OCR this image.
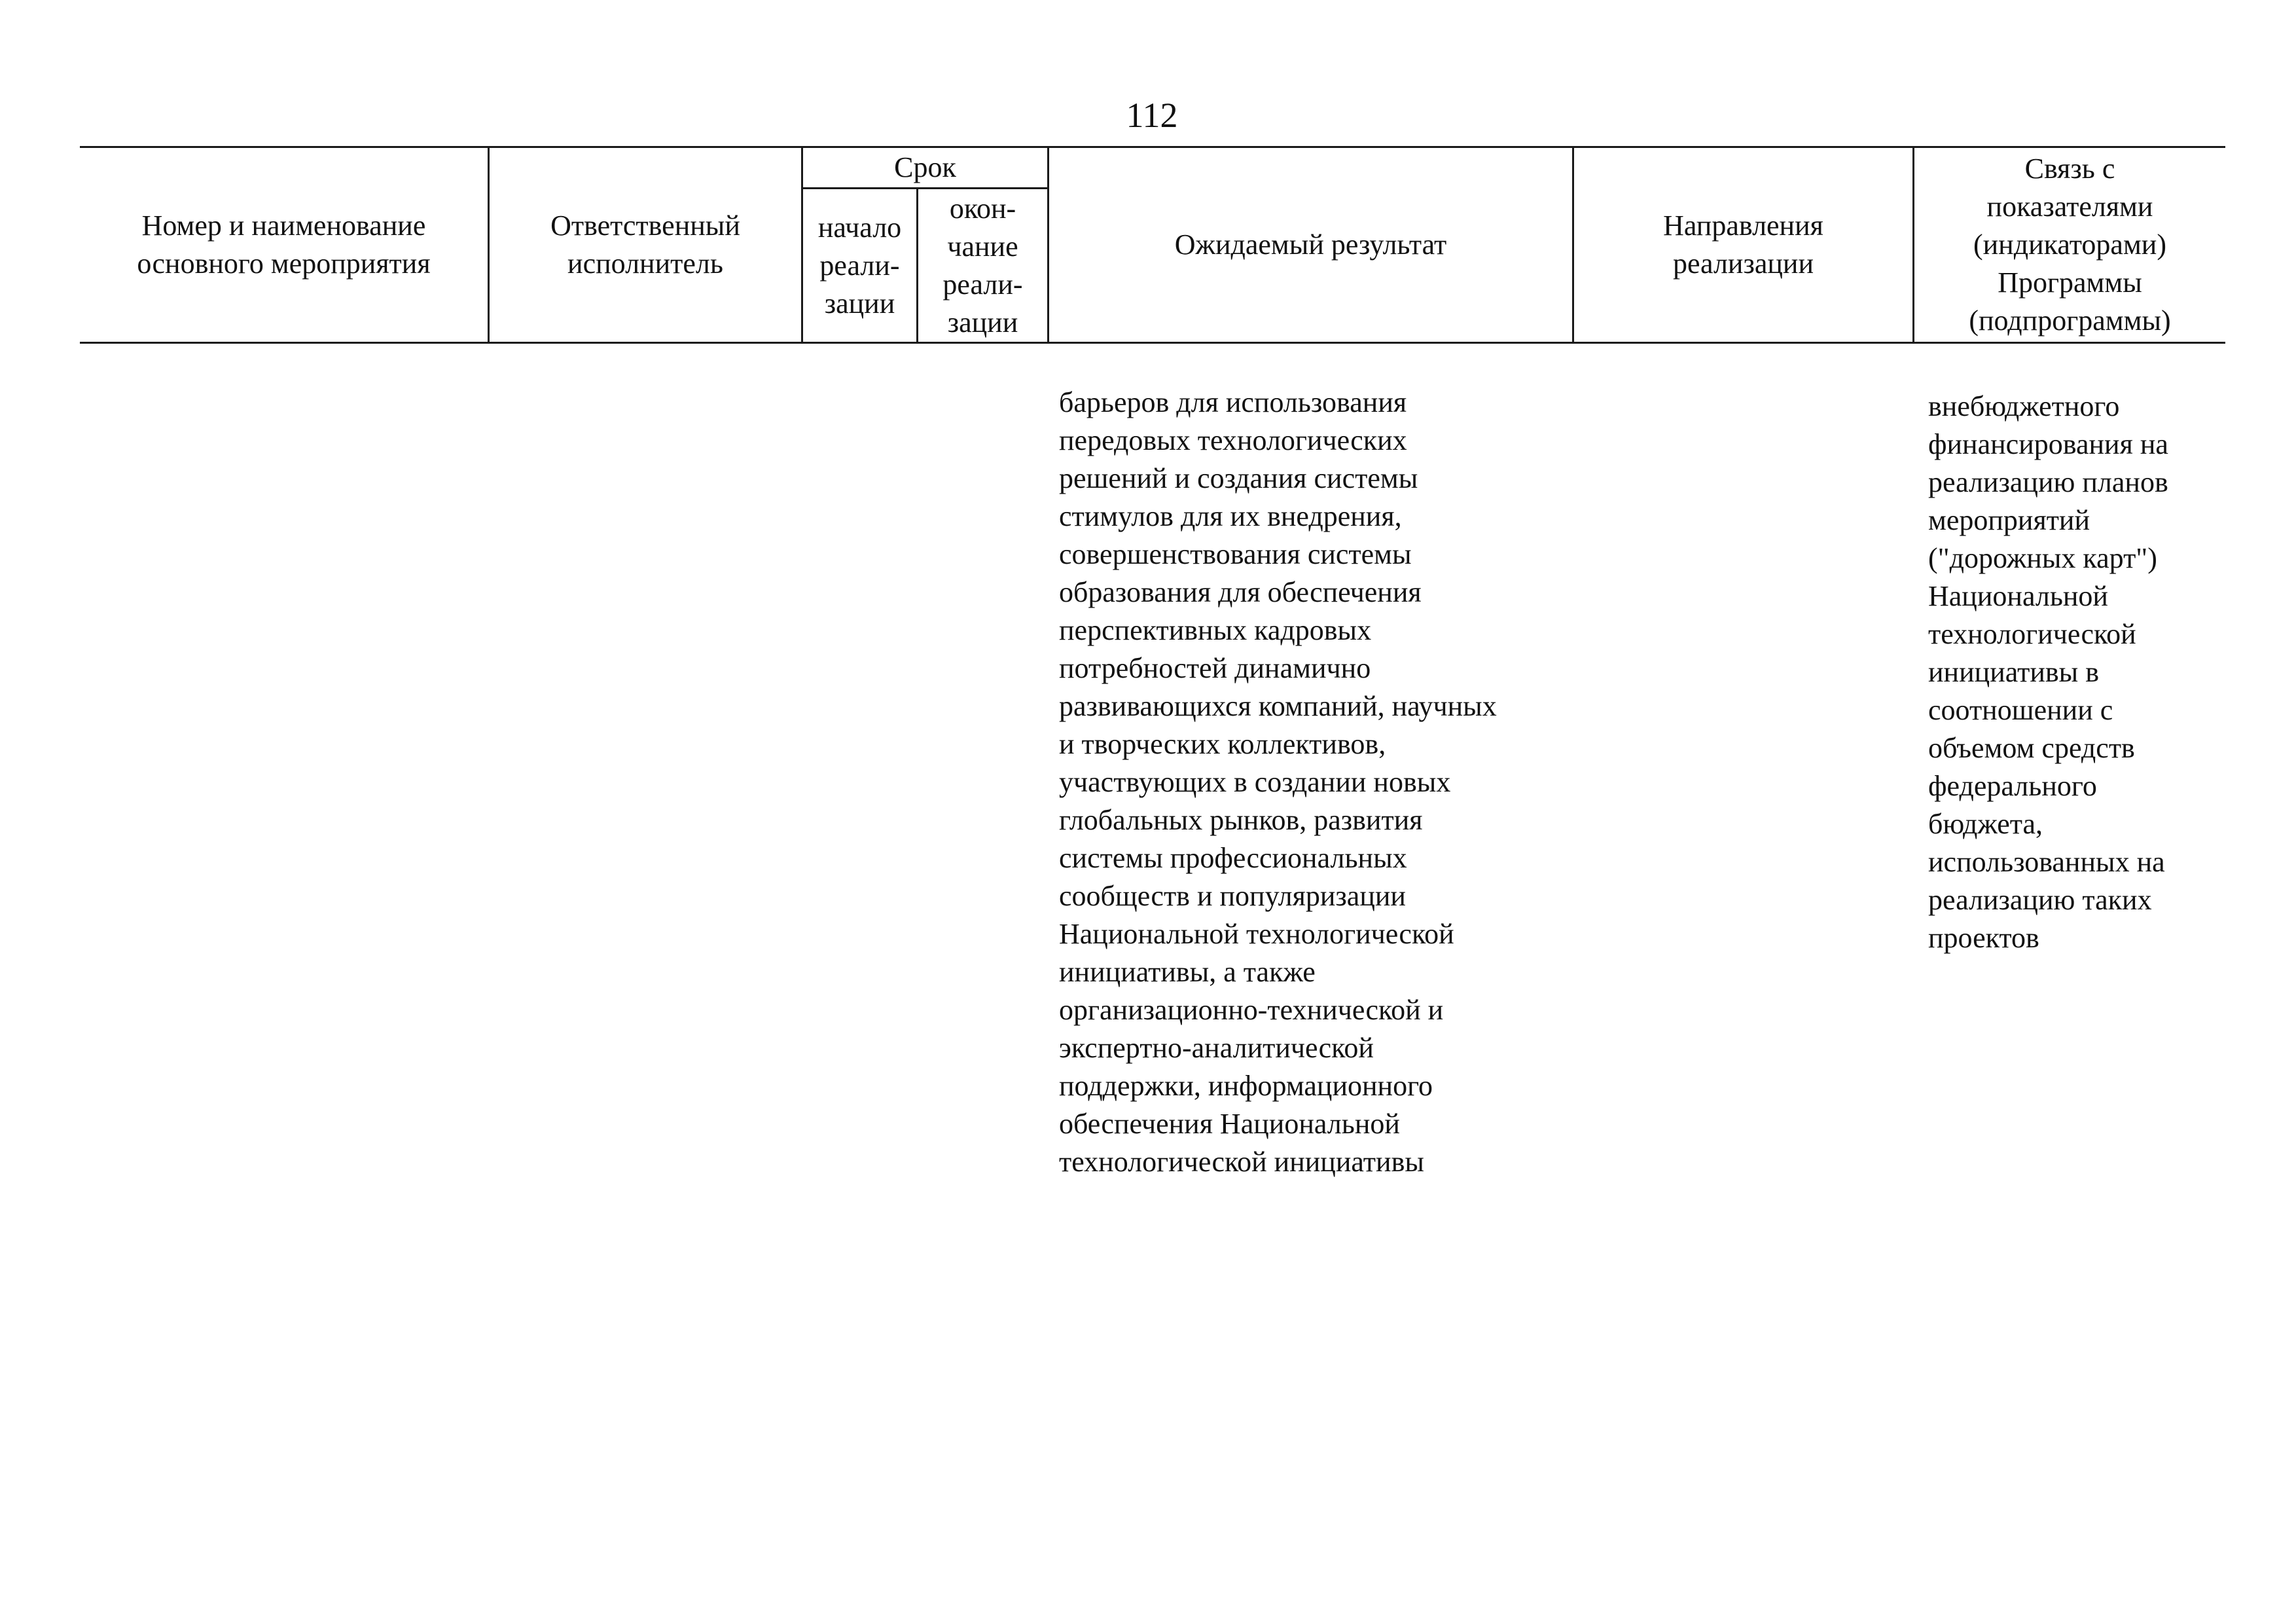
112
Номер и наименование
основного мероприятия
Ответственный
исполнитель
Срок
начало
реали-
зации
окон-
чание
реали-
зации
Ожидаемый результат
Направления
реализации
Связь с
показателями
(индикаторами)
Программы
(подпрограммы)
барьеров для использования
передовых технологических
решений и создания системы
стимулов для их внедрения,
совершенствования системы
образования для обеспечения
перспективных кадровых
потребностей динамично
развивающихся компаний, научных
и творческих коллективов,
участвующих в создании новых
глобальных рынков, развития
системы профессиональных
сообществ и популяризации
Национальной технологической
инициативы, а также
организационно-технической и
экспертно-аналитической
поддержки, информационного
обеспечения Национальной
технологической инициативы
внебюджетного
финансирования на
реализацию планов
мероприятий
("дорожных карт")
Национальной
технологической
инициативы в
соотношении с
объемом средств
федерального
бюджета,
использованных на
реализацию таких
проектов
